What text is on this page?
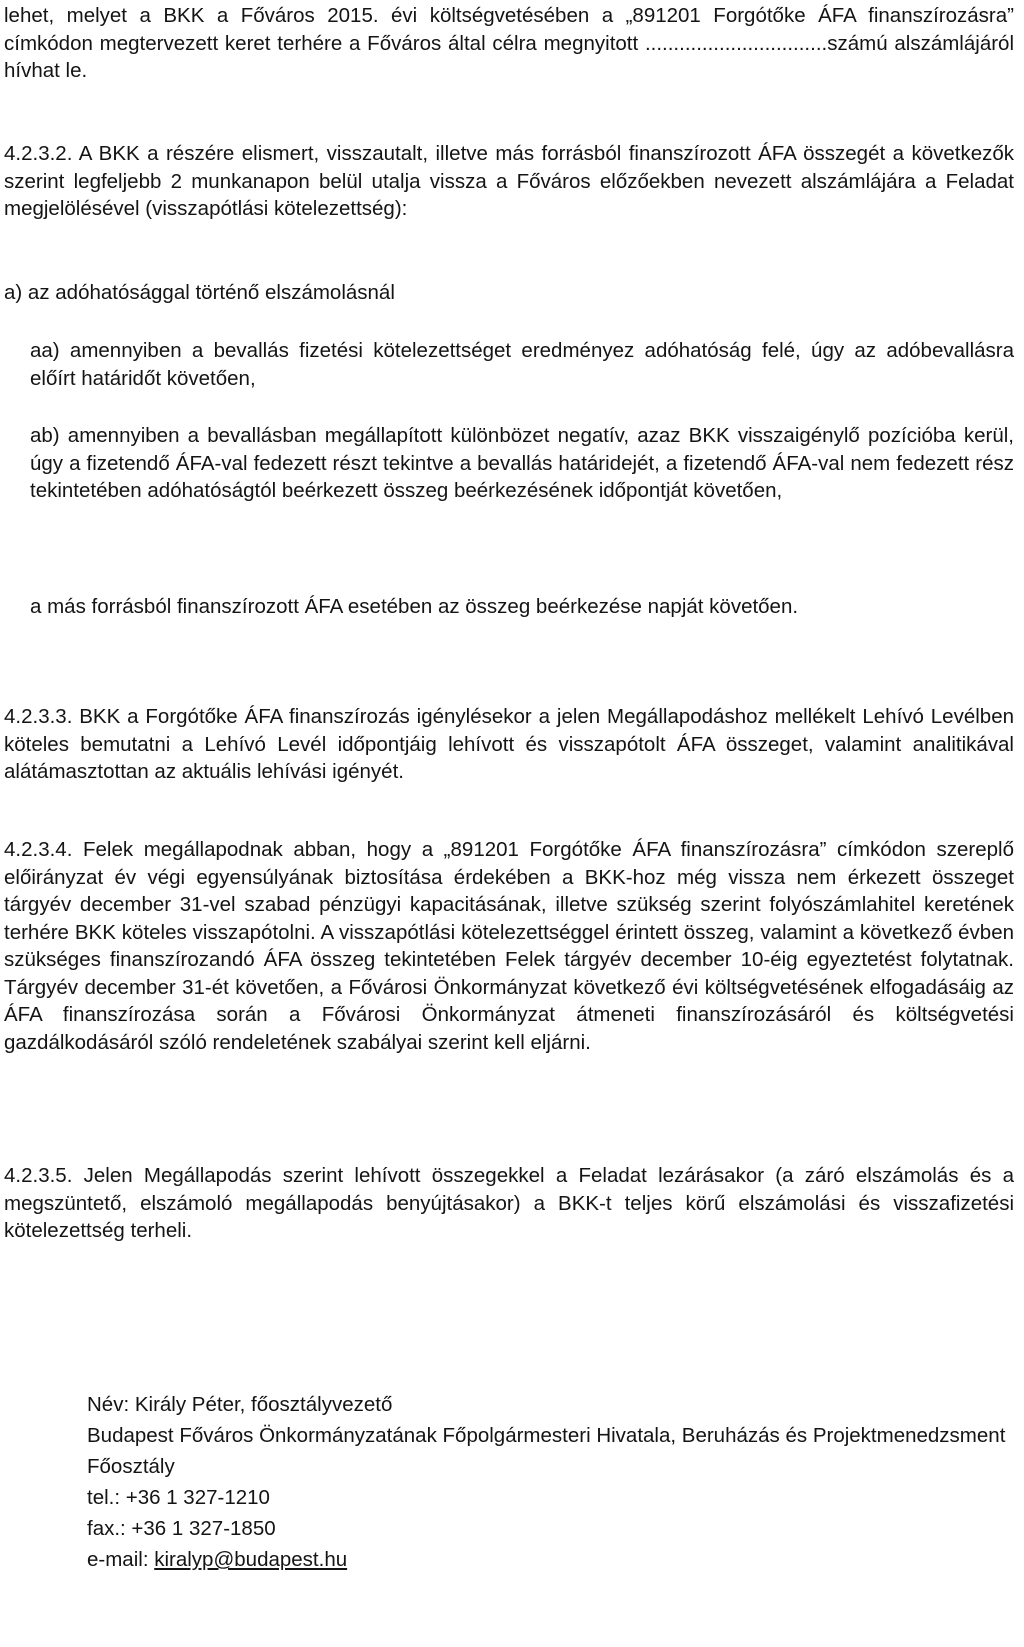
lehet, melyet a BKK a Főváros 2015. évi költségvetésében a „891201 Forgótőke ÁFA finanszírozásra” címkódon megtervezett keret terhére a Főváros által célra megnyitott ................................számú alszámlájáról hívhat le.

4.2.3.2. A BKK a részére elismert, visszautalt, illetve más forrásból finanszírozott ÁFA összegét a következők szerint legfeljebb 2 munkanapon belül utalja vissza a Főváros előzőekben nevezett alszámlájára a Feladat megjelölésével (visszapótlási kötelezettség):

a) az adóhatósággal történő elszámolásnál

aa) amennyiben a bevallás fizetési kötelezettséget eredményez adóhatóság felé, úgy az adóbevallásra előírt határidőt követően,

ab) amennyiben a bevallásban megállapított különbözet negatív, azaz BKK visszaigénylő pozícióba kerül, úgy a fizetendő ÁFA-val fedezett részt tekintve a bevallás határidejét, a fizetendő ÁFA-val nem fedezett rész tekintetében adóhatóságtól beérkezett összeg beérkezésének időpontját követően,

a más forrásból finanszírozott ÁFA esetében az összeg beérkezése napját követően.

4.2.3.3. BKK a Forgótőke ÁFA finanszírozás igénylésekor a jelen Megállapodáshoz mellékelt Lehívó Levélben köteles bemutatni a Lehívó Levél időpontjáig lehívott és visszapótolt ÁFA összeget, valamint analitikával alátámasztottan az aktuális lehívási igényét.

4.2.3.4. Felek megállapodnak abban, hogy a „891201 Forgótőke ÁFA finanszírozásra” címkódon szereplő előirányzat év végi egyensúlyának biztosítása érdekében a BKK-hoz még vissza nem érkezett összeget tárgyév december 31-vel szabad pénzügyi kapacitásának, illetve szükség szerint folyószámlahitel keretének terhére BKK köteles visszapótolni. A visszapótlási kötelezettséggel érintett összeg, valamint a következő évben szükséges finanszírozandó ÁFA összeg tekintetében Felek tárgyév december 10-éig egyeztetést folytatnak. Tárgyév december 31-ét követően, a Fővárosi Önkormányzat következő évi költségvetésének elfogadásáig az ÁFA finanszírozása során a Fővárosi Önkormányzat átmeneti finanszírozásáról és költségvetési gazdálkodásáról szóló rendeletének szabályai szerint kell eljárni.

4.2.3.5. Jelen Megállapodás szerint lehívott összegekkel a Feladat lezárásakor (a záró elszámolás és a megszüntető, elszámoló megállapodás benyújtásakor) a BKK-t teljes körű elszámolási és visszafizetési kötelezettség terheli.

Név: Király Péter, főosztályvezető
Budapest Főváros Önkormányzatának Főpolgármesteri Hivatala, Beruházás és Projektmenedzsment Főosztály
tel.: +36 1 327-1210
fax.: +36 1 327-1850
e-mail: kiralyp@budapest.hu
